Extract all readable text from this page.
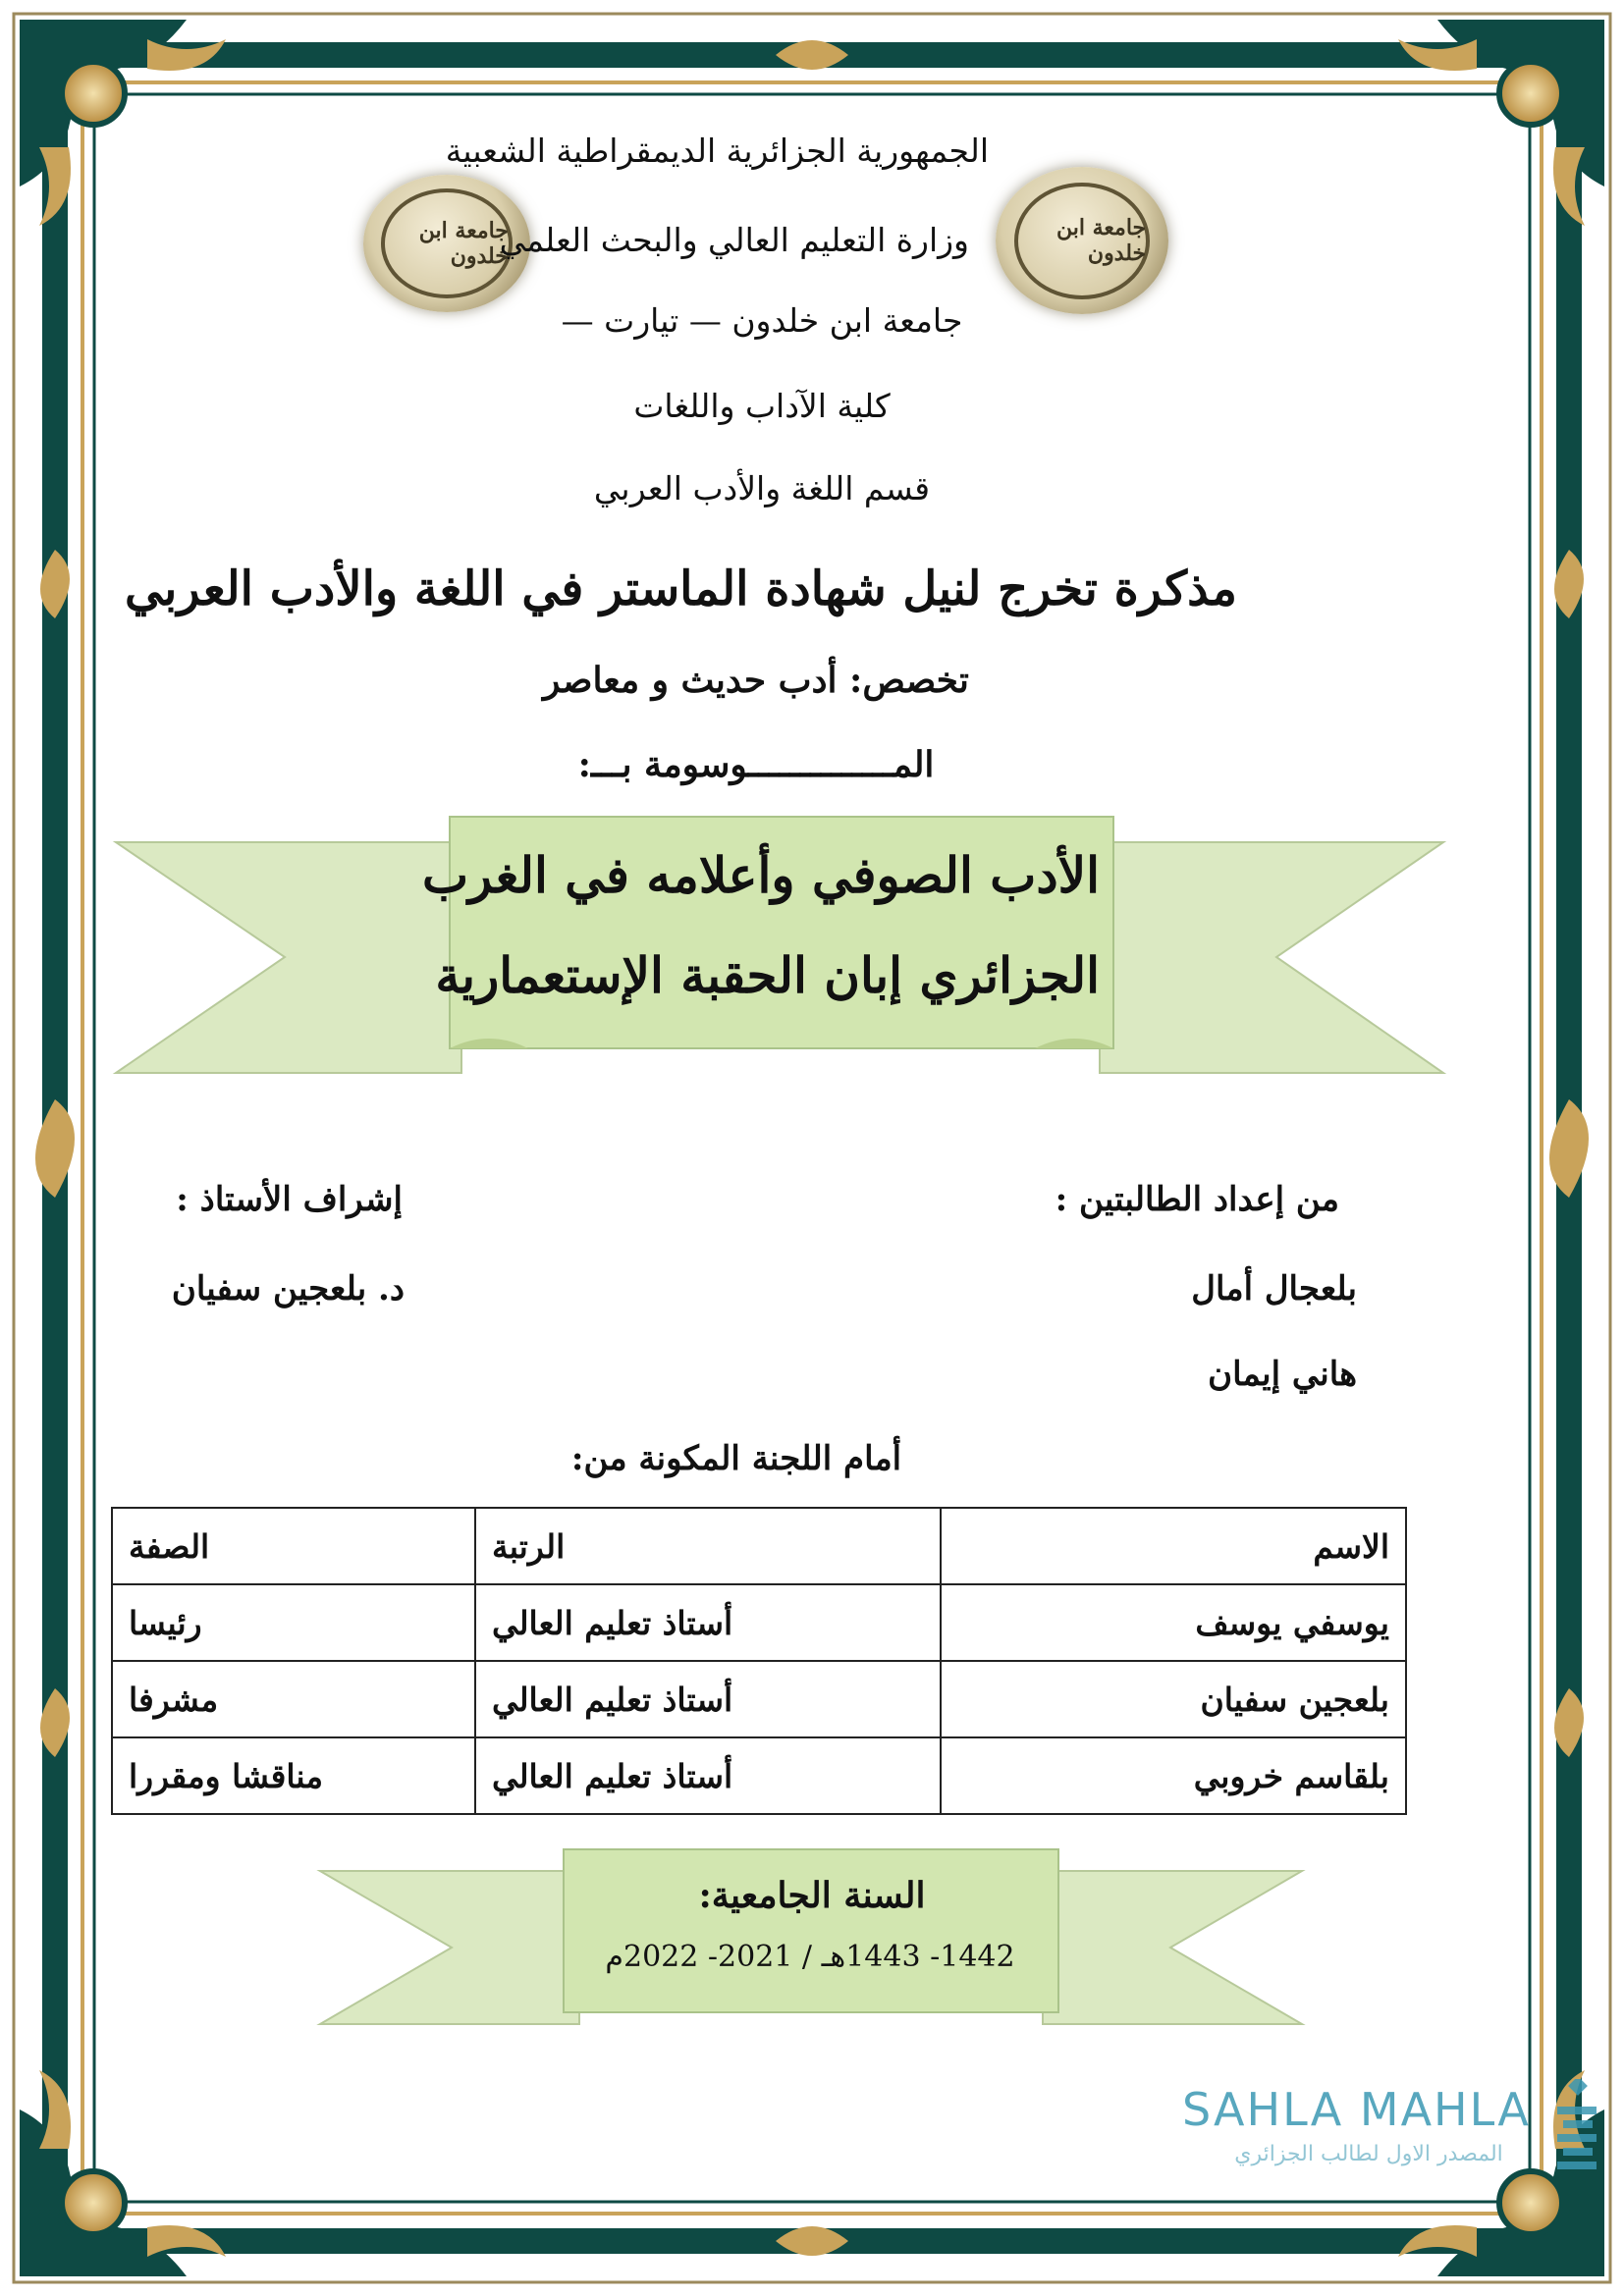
جامعة ابن خلدون
جامعة ابن خلدون
الجمهورية الجزائرية الديمقراطية الشعبية
وزارة التعليم العالي والبحث العلمي
جامعة ابن خلدون — تيارت —
كلية الآداب واللغات
قسم اللغة والأدب العربي
مذكرة تخرج لنيل شهادة الماستر في اللغة والأدب العربي
تخصص: أدب حديث و معاصر
المــــــــــــــوسومة بـــ:
الأدب الصوفي وأعلامه في الغرب
الجزائري إبان الحقبة الإستعمارية
من إعداد الطالبتين :
بلعجال أمال
هاني إيمان
إشراف الأستاذ :
د. بلعجين سفيان
أمام اللجنة المكونة من:
الاسم	الرتبة	الصفة
يوسفي يوسف	أستاذ تعليم العالي	رئيسا
بلعجين سفيان	أستاذ تعليم العالي	مشرفا
بلقاسم خروبي	أستاذ تعليم العالي	مناقشا ومقررا
السنة الجامعية:
1442- 1443هـ / 2021- 2022م
SAHLA MAHLA
المصدر الاول لطالب الجزائري
